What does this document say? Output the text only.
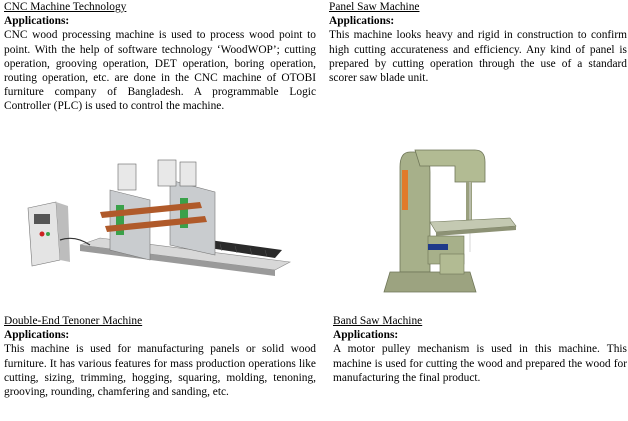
CNC Machine Technology
Applications:
CNC wood processing machine is used to process wood point to point. With the help of software technology ‘WoodWOP’; cutting operation, grooving operation, DET operation, boring operation, routing operation, etc. are done in the CNC machine of OTOBI furniture company of Bangladesh. A programmable Logic Controller (PLC) is used to control the machine.
Panel Saw Machine
Applications:
This machine looks heavy and rigid in construction to confirm high cutting accurateness and efficiency. Any kind of panel is prepared by cutting operation through the use of a standard scorer saw blade unit.
Double-End Tenoner Machine
Applications:
This machine is used for manufacturing panels or solid wood furniture. It has various features for mass production operations like cutting, sizing, trimming, hogging, squaring, molding, tenoning, grooving, rounding, chamfering and sanding, etc.
Band Saw Machine
Applications:
A motor pulley mechanism is used in this machine. This machine is used for cutting the wood and prepared the wood for manufacturing the final product.
